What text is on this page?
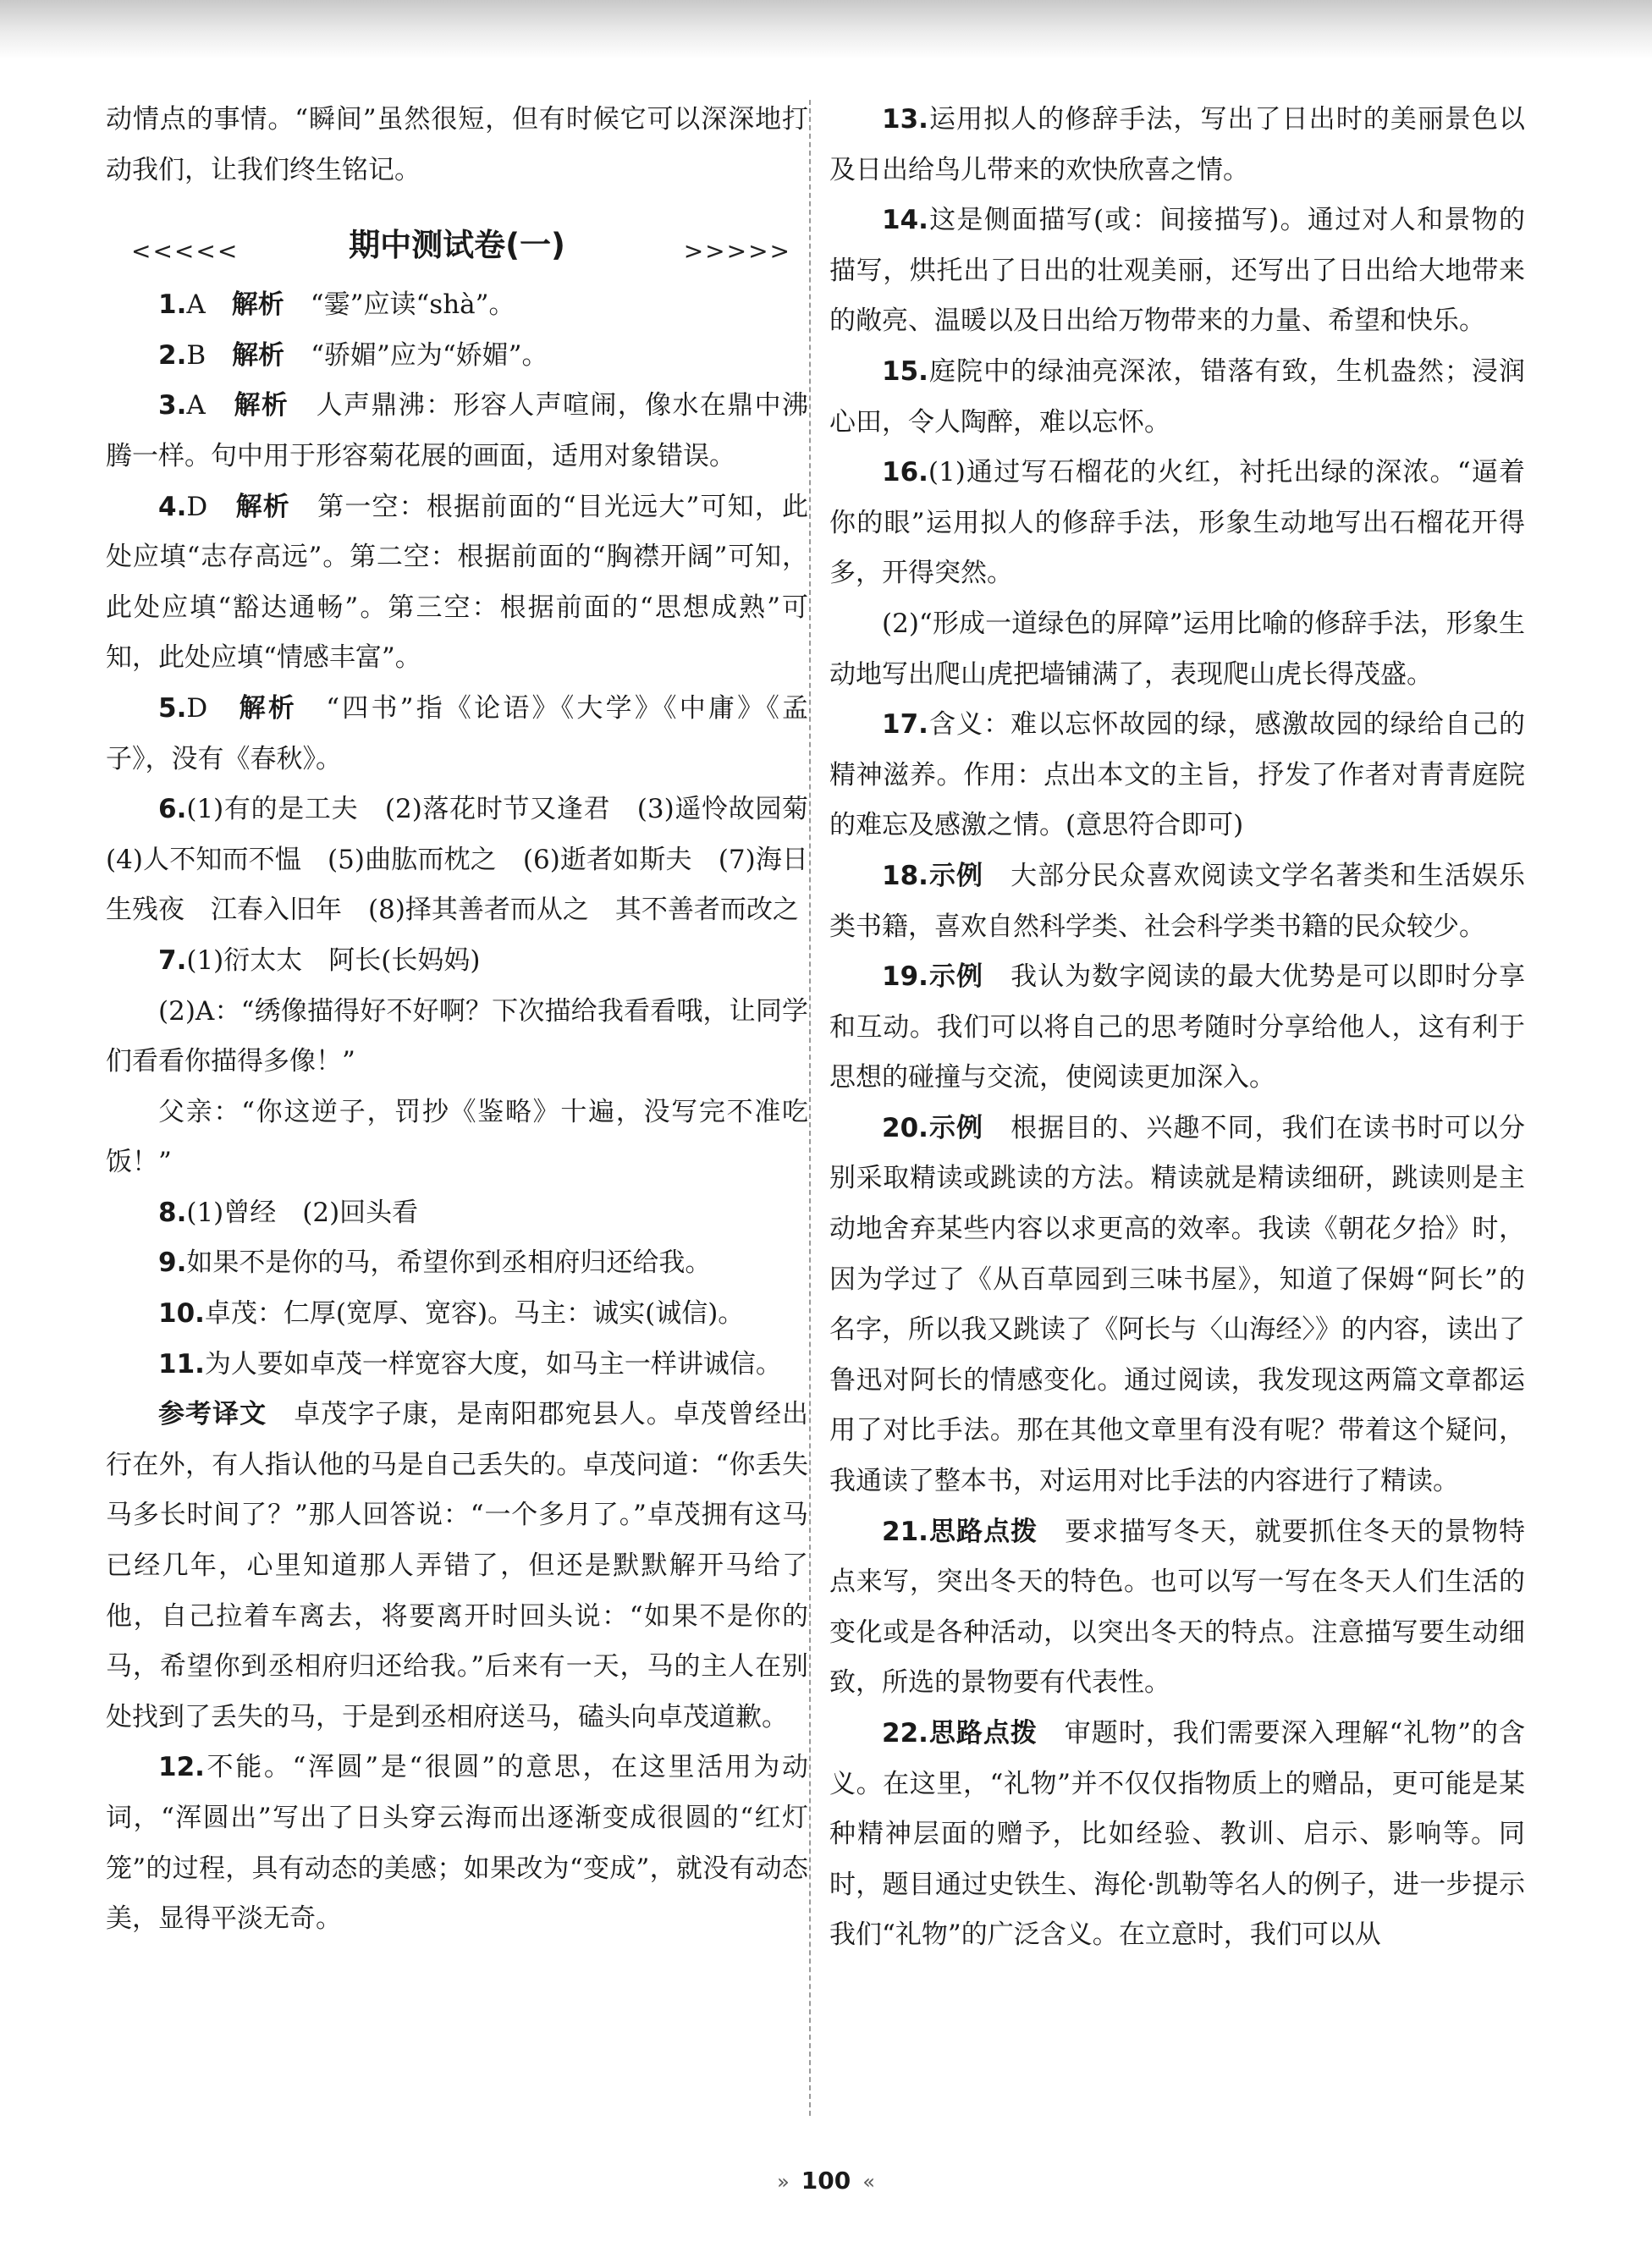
动情点的事情。“瞬间”虽然很短，但有时候它可以深深地打动我们，让我们终生铭记。

<<<<<	期中测试卷(一)	>>>>>

1.A　解析　 “霎”应读“shà”。

2.B　解析　 “骄媚”应为“娇媚”。

3.A　解析　 人声鼎沸：形容人声喧闹，像水在鼎中沸腾一样。句中用于形容菊花展的画面，适用对象错误。

4.D　解析　 第一空：根据前面的“目光远大”可知，此处应填“志存高远”。第二空：根据前面的“胸襟开阔”可知，此处应填“豁达通畅”。第三空：根据前面的“思想成熟”可知，此处应填“情感丰富”。

5.D　解析　 “四书”指《论语》《大学》《中庸》《孟子》，没有《春秋》。

6.(1)有的是工夫　(2)落花时节又逢君　(3)遥怜故园菊　(4)人不知而不愠　(5)曲肱而枕之　(6)逝者如斯夫　(7)海日生残夜　江春入旧年　(8)择其善者而从之　其不善者而改之

7.(1)衍太太　阿长(长妈妈)

(2)A：“绣像描得好不好啊？下次描给我看看哦，让同学们看看你描得多像！”

父亲：“你这逆子，罚抄《鉴略》十遍，没写完不准吃饭！”

8.(1)曾经　(2)回头看

9.如果不是你的马，希望你到丞相府归还给我。

10.卓茂：仁厚(宽厚、宽容)。马主：诚实(诚信)。

11.为人要如卓茂一样宽容大度，如马主一样讲诚信。

参考译文　 卓茂字子康，是南阳郡宛县人。卓茂曾经出行在外，有人指认他的马是自己丢失的。卓茂问道：“你丢失马多长时间了？”那人回答说：“一个多月了。”卓茂拥有这马已经几年，心里知道那人弄错了，但还是默默解开马给了他，自己拉着车离去，将要离开时回头说：“如果不是你的马，希望你到丞相府归还给我。”后来有一天，马的主人在别处找到了丢失的马，于是到丞相府送马，磕头向卓茂道歉。

12.不能。“浑圆”是“很圆”的意思，在这里活用为动词，“浑圆出”写出了日头穿云海而出逐渐变成很圆的“红灯笼”的过程，具有动态的美感；如果改为“变成”，就没有动态美，显得平淡无奇。

13.运用拟人的修辞手法，写出了日出时的美丽景色以及日出给鸟儿带来的欢快欣喜之情。

14.这是侧面描写(或：间接描写)。通过对人和景物的描写，烘托出了日出的壮观美丽，还写出了日出给大地带来的敞亮、温暖以及日出给万物带来的力量、希望和快乐。

15.庭院中的绿油亮深浓，错落有致，生机盎然；浸润心田，令人陶醉，难以忘怀。

16.(1)通过写石榴花的火红，衬托出绿的深浓。“逼着你的眼”运用拟人的修辞手法，形象生动地写出石榴花开得多，开得突然。

(2)“形成一道绿色的屏障”运用比喻的修辞手法，形象生动地写出爬山虎把墙铺满了，表现爬山虎长得茂盛。

17.含义：难以忘怀故园的绿，感激故园的绿给自己的精神滋养。作用：点出本文的主旨，抒发了作者对青青庭院的难忘及感激之情。(意思符合即可)

18.示例　 大部分民众喜欢阅读文学名著类和生活娱乐类书籍，喜欢自然科学类、社会科学类书籍的民众较少。

19.示例　 我认为数字阅读的最大优势是可以即时分享和互动。我们可以将自己的思考随时分享给他人，这有利于思想的碰撞与交流，使阅读更加深入。

20.示例　 根据目的、兴趣不同，我们在读书时可以分别采取精读或跳读的方法。精读就是精读细研，跳读则是主动地舍弃某些内容以求更高的效率。我读《朝花夕拾》时，因为学过了《从百草园到三味书屋》，知道了保姆“阿长”的名字，所以我又跳读了《阿长与〈山海经〉》的内容，读出了鲁迅对阿长的情感变化。通过阅读，我发现这两篇文章都运用了对比手法。那在其他文章里有没有呢？带着这个疑问，我通读了整本书，对运用对比手法的内容进行了精读。

21.思路点拨　 要求描写冬天，就要抓住冬天的景物特点来写，突出冬天的特色。也可以写一写在冬天人们生活的变化或是各种活动，以突出冬天的特点。注意描写要生动细致，所选的景物要有代表性。

22.思路点拨　 审题时，我们需要深入理解“礼物”的含义。在这里，“礼物”并不仅仅指物质上的赠品，更可能是某种精神层面的赠予，比如经验、教训、启示、影响等。同时，题目通过史铁生、海伦·凯勒等名人的例子，进一步提示我们“礼物”的广泛含义。在立意时，我们可以从

» 100 «
